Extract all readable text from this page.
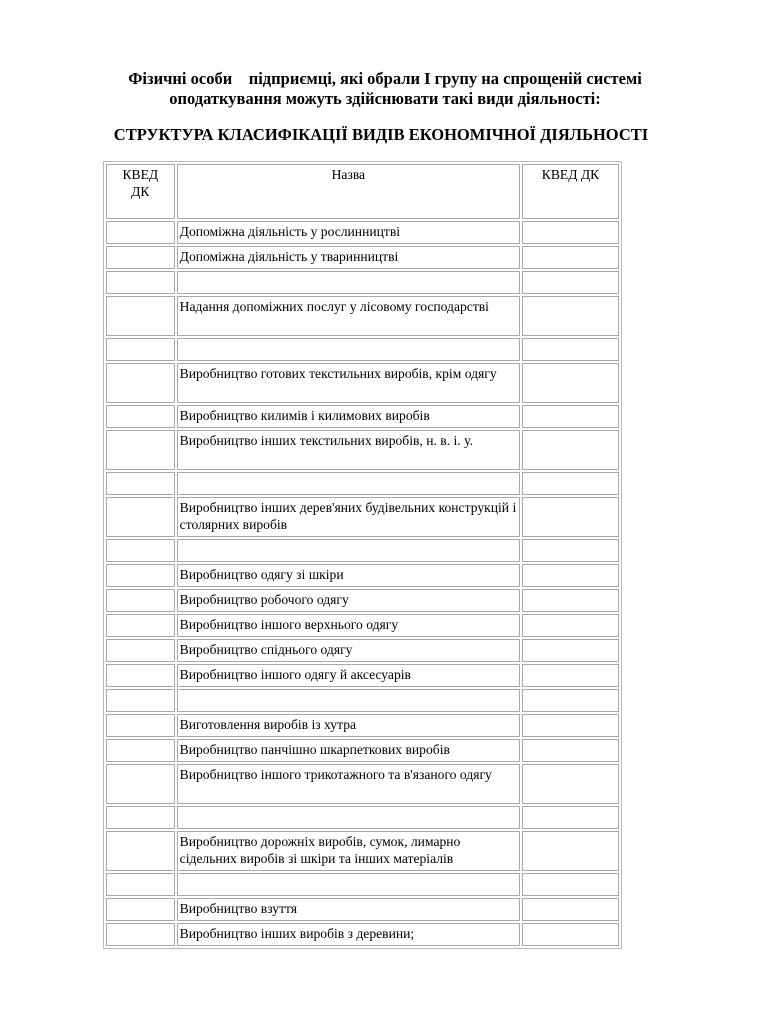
Фізичні особи    підприємці, які обрали І групу на спрощеній системі
оподаткування можуть здійснювати такі види діяльності:
СТРУКТУРА КЛАСИФІКАЦІЇ ВИДІВ ЕКОНОМІЧНОЇ ДІЯЛЬНОСТІ
КВЕД
ДК	Назва	КВЕД ДК
	Допоміжна діяльність у рослинництві	
	Допоміжна діяльність у тваринництві	

	Надання допоміжних послуг у лісовому господарстві	

	Виробництво готових текстильних виробів, крім одягу	
	Виробництво килимів і килимових виробів	
	Виробництво інших текстильних виробів, н. в. і. у.	

	Виробництво інших дерев'яних будівельних конструкцій і столярних виробів	

	Виробництво одягу зі шкіри	
	Виробництво робочого одягу	
	Виробництво іншого верхнього одягу	
	Виробництво спіднього одягу	
	Виробництво іншого одягу й аксесуарів	

	Виготовлення виробів із хутра	
	Виробництво панчішно шкарпеткових виробів	
	Виробництво іншого трикотажного та в'язаного одягу	

	Виробництво дорожніх виробів, сумок, лимарно сідельних виробів зі шкіри та інших матеріалів	

	Виробництво взуття	
	Виробництво інших виробів з деревини;	
